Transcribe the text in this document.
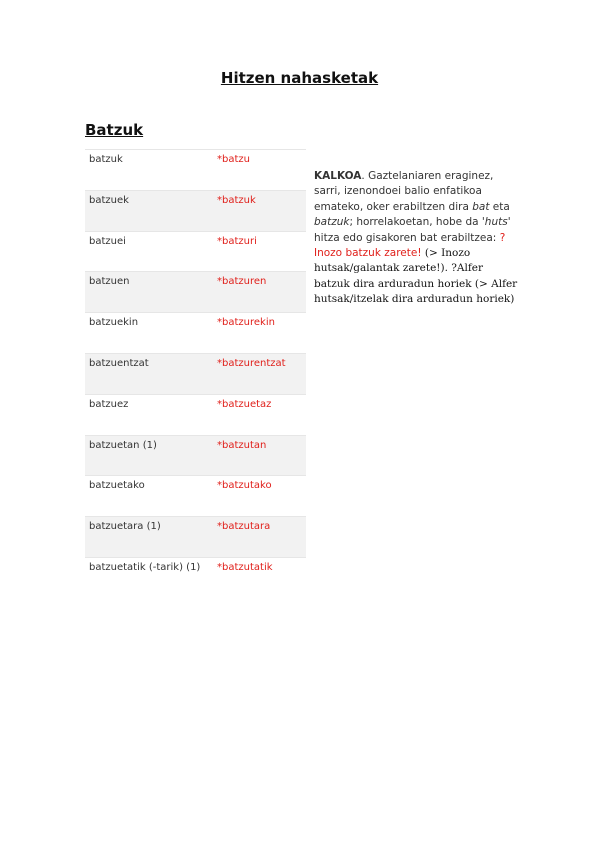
Hitzen nahasketak
Batzuk
batzuk	*batzu
batzuek	*batzuk
batzuei	*batzuri
batzuen	*batzuren
batzuekin	*batzurekin
batzuentzat	*batzurentzat
batzuez	*batzuetaz
batzuetan (1)	*batzutan
batzuetako	*batzutako
batzuetara (1)	*batzutara
batzuetatik (-tarik) (1)	*batzutatik
KALKOA. Gaztelaniaren eraginez, sarri, izenondoei balio enfatikoa emateko, oker erabiltzen dira bat eta batzuk; horrelakoetan, hobe da 'huts' hitza edo gisakoren bat erabiltzea: ?Inozo batzuk zarete! (> Inozo hutsak/galantak zarete!). ?Alfer batzuk dira arduradun horiek (> Alfer hutsak/itzelak dira arduradun horiek)
